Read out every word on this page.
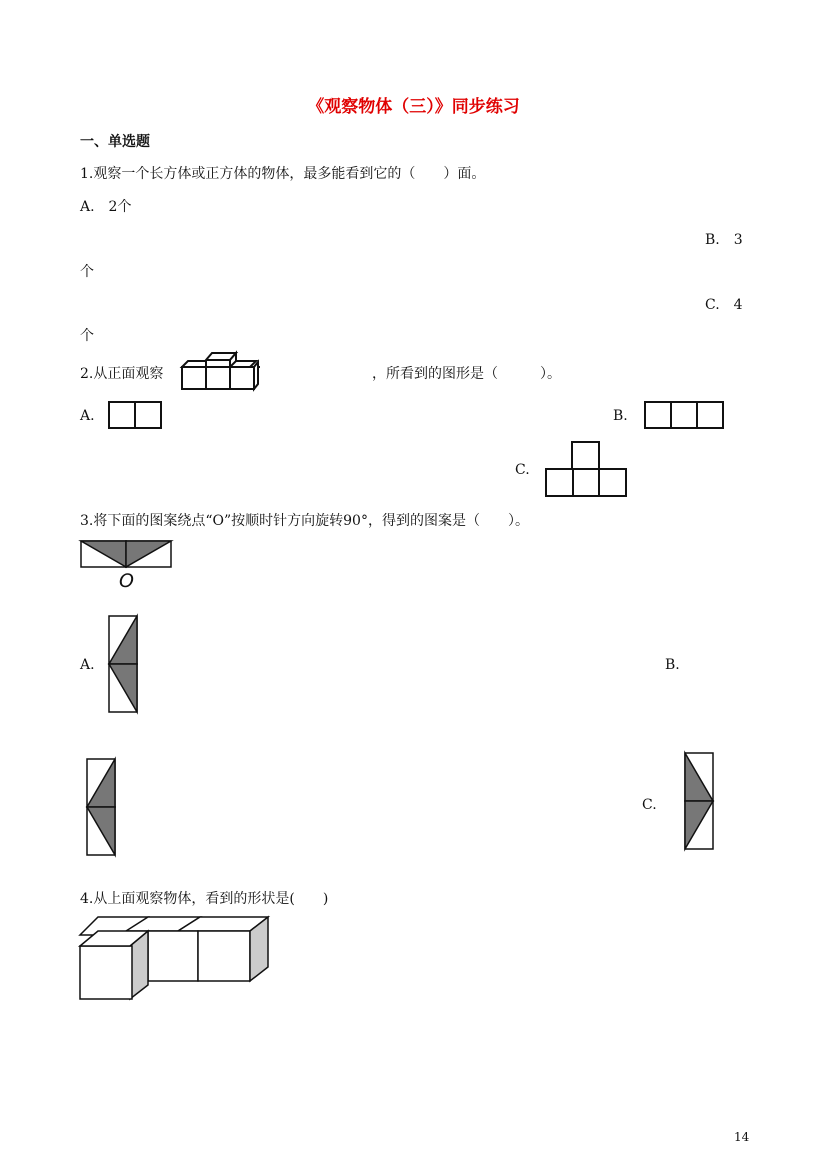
《观察物体（三）》同步练习
一、单选题
1.观察一个长方体或正方体的物体，最多能看到它的（　　）面。
A.　2个
B.　3
个
C.　4
个
2.从正面观察	，所看到的图形是（　　　）。
A.	B.
C.
3.将下面的图案绕点“O”按顺时针方向旋转90°，得到的图案是（　　）。
O
A.	B.
C.
4.从上面观察物体，看到的形状是(　　)
14
